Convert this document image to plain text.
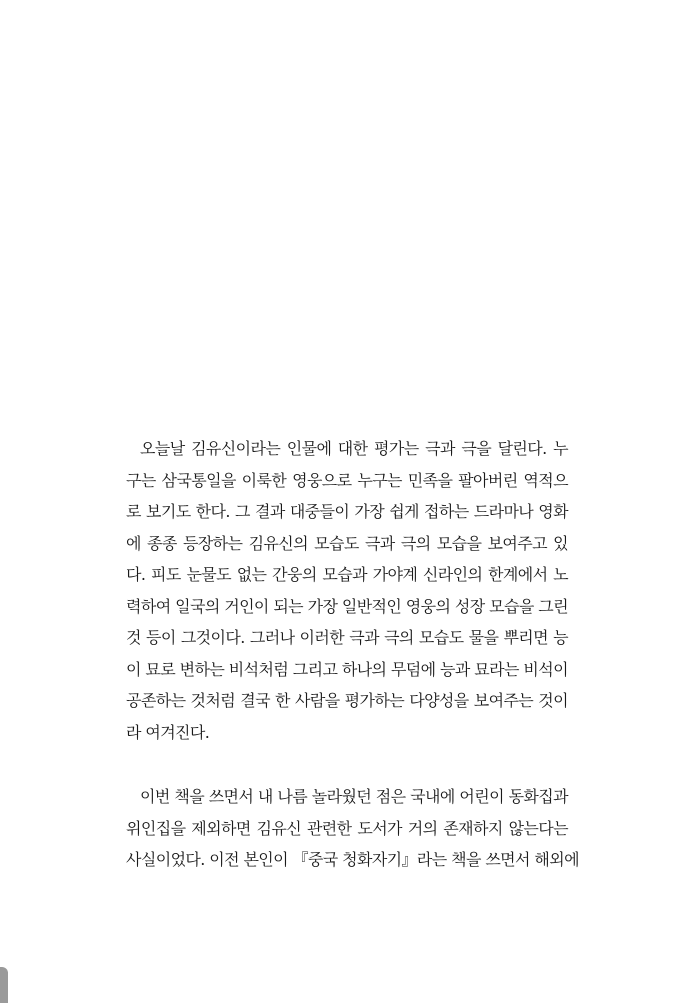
오늘날 김유신이라는 인물에 대한 평가는 극과 극을 달린다. 누
구는 삼국통일을 이룩한 영웅으로 누구는 민족을 팔아버린 역적으
로 보기도 한다. 그 결과 대중들이 가장 쉽게 접하는 드라마나 영화
에 종종 등장하는 김유신의 모습도 극과 극의 모습을 보여주고 있
다. 피도 눈물도 없는 간웅의 모습과 가야계 신라인의 한계에서 노
력하여 일국의 거인이 되는 가장 일반적인 영웅의 성장 모습을 그린
것 등이 그것이다. 그러나 이러한 극과 극의 모습도 물을 뿌리면 능
이 묘로 변하는 비석처럼 그리고 하나의 무덤에 능과 묘라는 비석이
공존하는 것처럼 결국 한 사람을 평가하는 다양성을 보여주는 것이
라 여겨진다.
이번 책을 쓰면서 내 나름 놀라웠던 점은 국내에 어린이 동화집과
위인집을 제외하면 김유신 관련한 도서가 거의 존재하지 않는다는
사실이었다. 이전 본인이 『중국 청화자기』라는 책을 쓰면서 해외에
